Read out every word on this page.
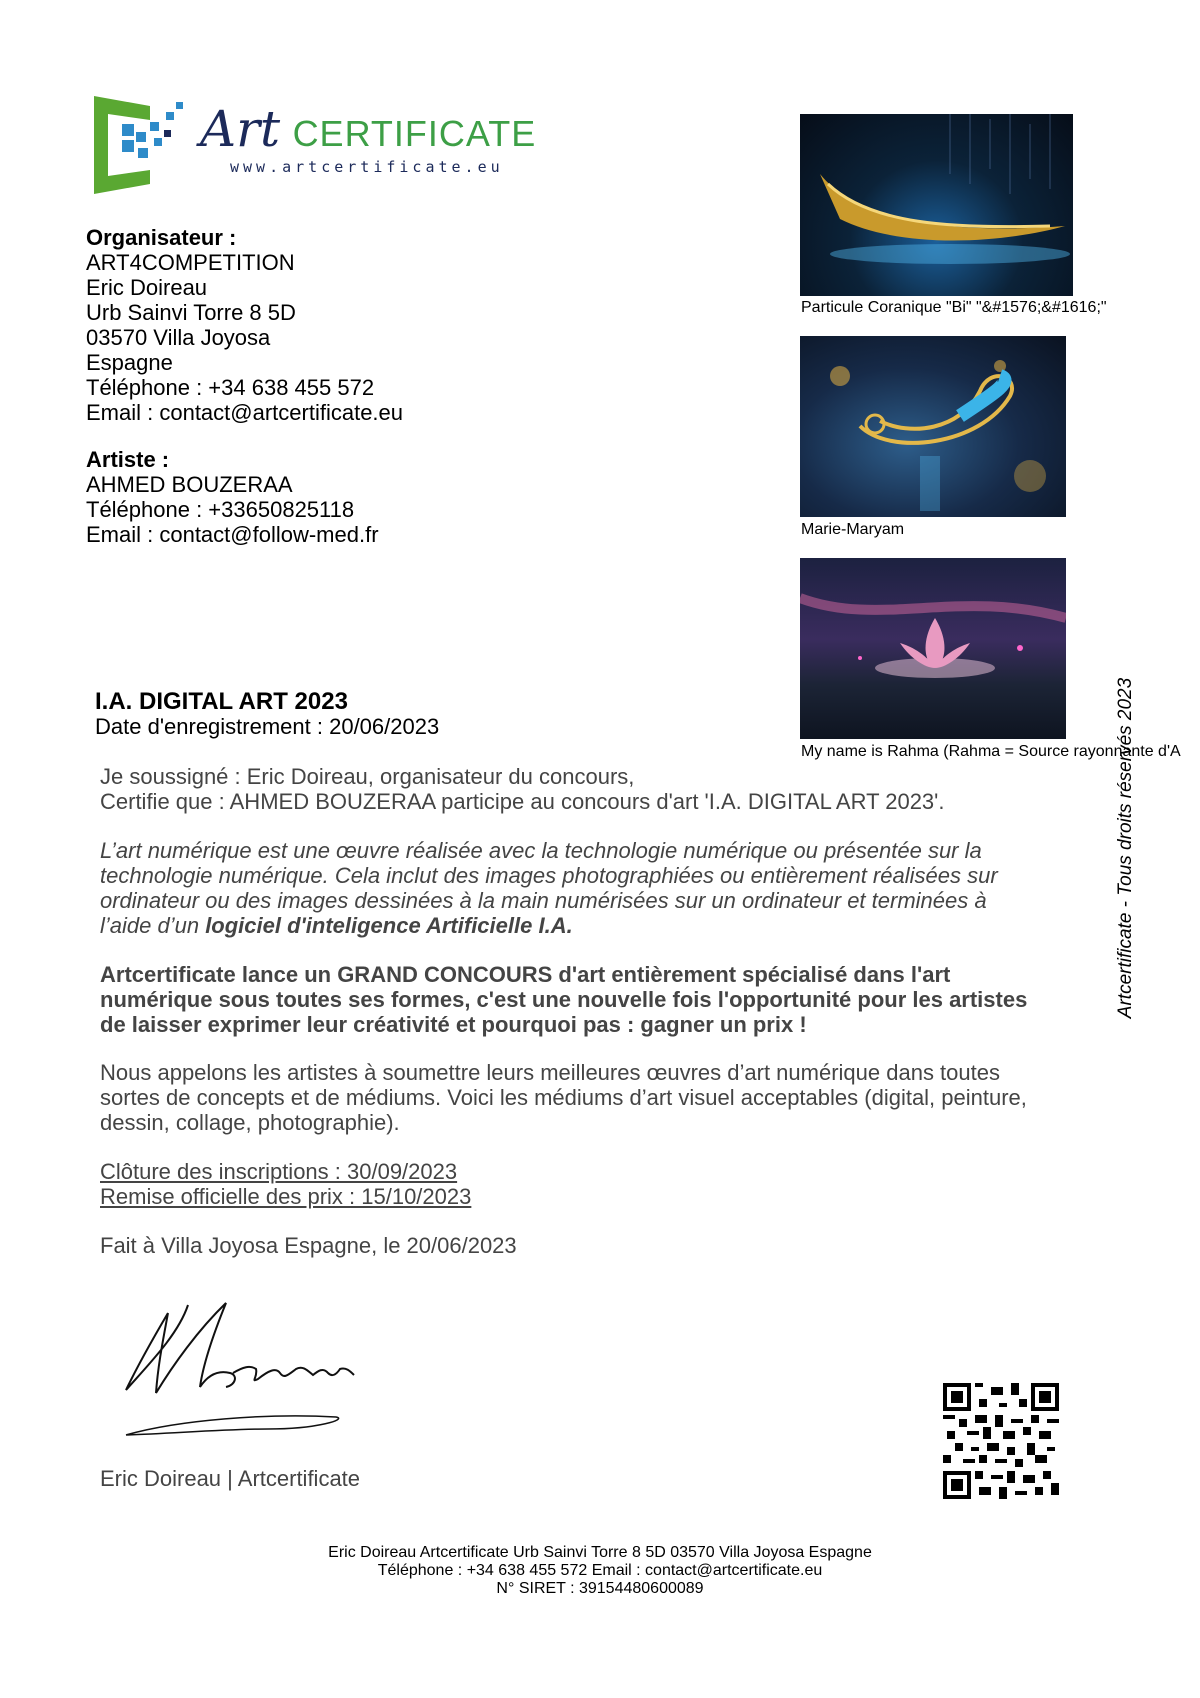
Art CERTIFICATE
www.artcertificate.eu
Organisateur :
ART4COMPETITION
Eric Doireau
Urb Sainvi Torre 8 5D
03570 Villa Joyosa
Espagne
Téléphone : +34 638 455 572
Email : contact@artcertificate.eu
Artiste :
AHMED BOUZERAA
Téléphone : +33650825118
Email : contact@follow-med.fr
Particule Coranique "Bi" "&#1576;&#1616;"
Marie-Maryam
My name is Rahma (Rahma = Source rayonnante d'A
Artcertificate - Tous droits réservés 2023
I.A. DIGITAL ART 2023
Date d'enregistrement : 20/06/2023
Je soussigné : Eric Doireau, organisateur du concours,
Certifie que : AHMED BOUZERAA participe au concours d'art 'I.A. DIGITAL ART 2023'.
L’art numérique est une œuvre réalisée avec la technologie numérique ou présentée sur la
technologie numérique. Cela inclut des images photographiées ou entièrement réalisées sur
ordinateur ou des images dessinées à la main numérisées sur un ordinateur et terminées à
l’aide d’un logiciel d'inteligence Artificielle I.A.
Artcertificate lance un GRAND CONCOURS d'art entièrement spécialisé dans l'art
numérique sous toutes ses formes, c'est une nouvelle fois l'opportunité pour les artistes
de laisser exprimer leur créativité et pourquoi pas : gagner un prix !
Nous appelons les artistes à soumettre leurs meilleures œuvres d’art numérique dans toutes
sortes de concepts et de médiums. Voici les médiums d’art visuel acceptables (digital, peinture,
dessin, collage, photographie).
Clôture des inscriptions : 30/09/2023
Remise officielle des prix : 15/10/2023
Fait à Villa Joyosa Espagne, le 20/06/2023
Eric Doireau | Artcertificate
Eric Doireau Artcertificate Urb Sainvi Torre 8 5D 03570 Villa Joyosa Espagne
Téléphone : +34 638 455 572 Email : contact@artcertificate.eu
N° SIRET : 39154480600089
